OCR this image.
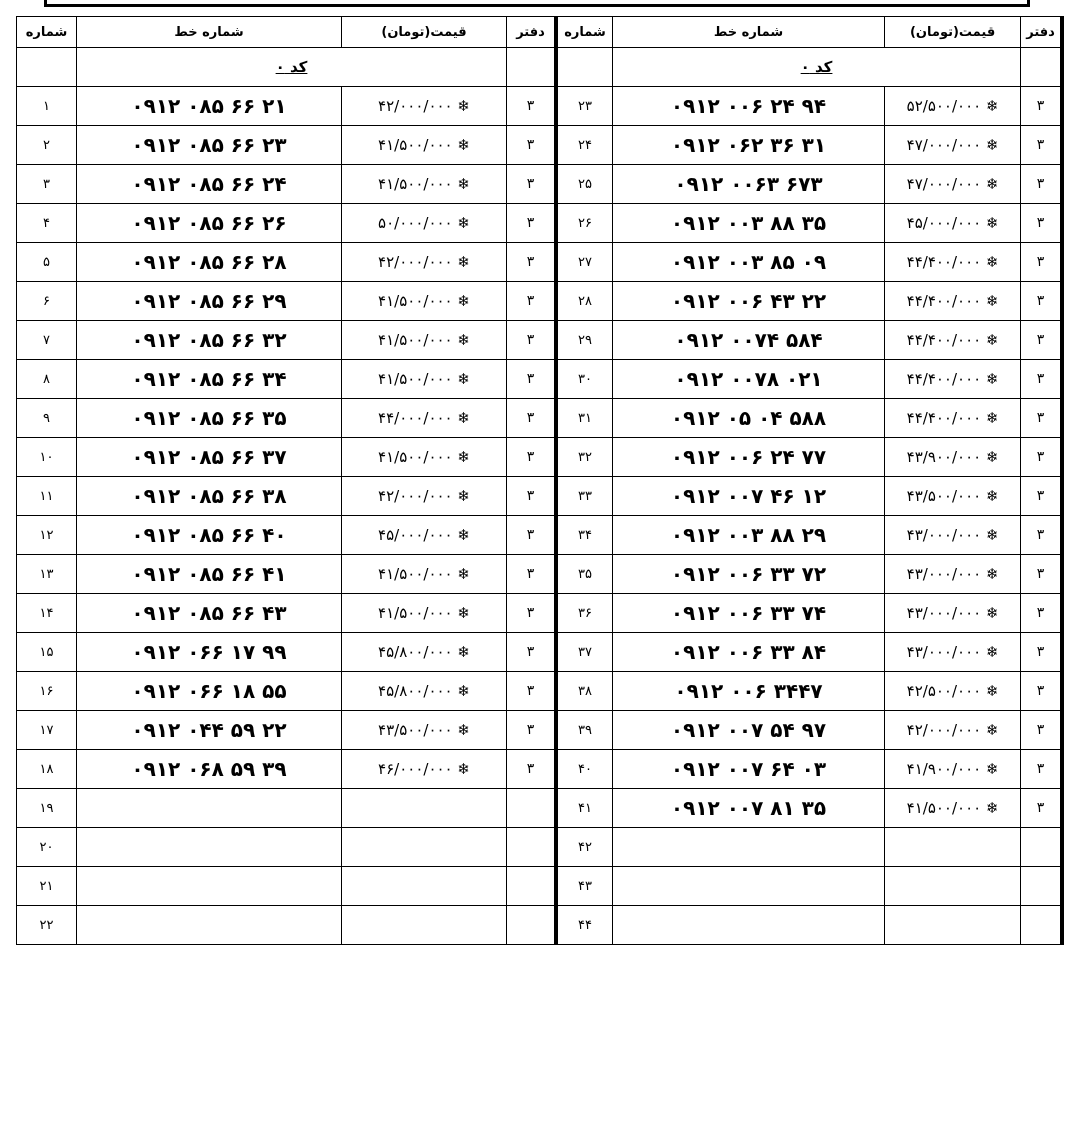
شماره	شماره خط	قیمت(تومان)	دفتر
	کد ۰		
۱	۰۹۱۲ ۰۸۵ ۶۶ ۲۱	۴۲/۰۰۰/۰۰۰ ❄	۳
۲	۰۹۱۲ ۰۸۵ ۶۶ ۲۳	۴۱/۵۰۰/۰۰۰ ❄	۳
۳	۰۹۱۲ ۰۸۵ ۶۶ ۲۴	۴۱/۵۰۰/۰۰۰ ❄	۳
۴	۰۹۱۲ ۰۸۵ ۶۶ ۲۶	۵۰/۰۰۰/۰۰۰ ❄	۳
۵	۰۹۱۲ ۰۸۵ ۶۶ ۲۸	۴۲/۰۰۰/۰۰۰ ❄	۳
۶	۰۹۱۲ ۰۸۵ ۶۶ ۲۹	۴۱/۵۰۰/۰۰۰ ❄	۳
۷	۰۹۱۲ ۰۸۵ ۶۶ ۳۲	۴۱/۵۰۰/۰۰۰ ❄	۳
۸	۰۹۱۲ ۰۸۵ ۶۶ ۳۴	۴۱/۵۰۰/۰۰۰ ❄	۳
۹	۰۹۱۲ ۰۸۵ ۶۶ ۳۵	۴۴/۰۰۰/۰۰۰ ❄	۳
۱۰	۰۹۱۲ ۰۸۵ ۶۶ ۳۷	۴۱/۵۰۰/۰۰۰ ❄	۳
۱۱	۰۹۱۲ ۰۸۵ ۶۶ ۳۸	۴۲/۰۰۰/۰۰۰ ❄	۳
۱۲	۰۹۱۲ ۰۸۵ ۶۶ ۴۰	۴۵/۰۰۰/۰۰۰ ❄	۳
۱۳	۰۹۱۲ ۰۸۵ ۶۶ ۴۱	۴۱/۵۰۰/۰۰۰ ❄	۳
۱۴	۰۹۱۲ ۰۸۵ ۶۶ ۴۳	۴۱/۵۰۰/۰۰۰ ❄	۳
۱۵	۰۹۱۲ ۰۶۶ ۱۷ ۹۹	۴۵/۸۰۰/۰۰۰ ❄	۳
۱۶	۰۹۱۲ ۰۶۶ ۱۸ ۵۵	۴۵/۸۰۰/۰۰۰ ❄	۳
۱۷	۰۹۱۲ ۰۴۴ ۵۹ ۲۲	۴۳/۵۰۰/۰۰۰ ❄	۳
۱۸	۰۹۱۲ ۰۶۸ ۵۹ ۳۹	۴۶/۰۰۰/۰۰۰ ❄	۳
۱۹			
۲۰			
۲۱			
۲۲			
شماره	شماره خط	قیمت(تومان)	دفتر
	کد ۰		
۲۳	۰۹۱۲ ۰۰۶ ۲۴ ۹۴	۵۲/۵۰۰/۰۰۰ ❄	۳
۲۴	۰۹۱۲ ۰۶۲ ۳۶ ۳۱	۴۷/۰۰۰/۰۰۰ ❄	۳
۲۵	۰۹۱۲ ۰۰۶۳ ۶۷۳	۴۷/۰۰۰/۰۰۰ ❄	۳
۲۶	۰۹۱۲ ۰۰۳ ۸۸ ۳۵	۴۵/۰۰۰/۰۰۰ ❄	۳
۲۷	۰۹۱۲ ۰۰۳ ۸۵ ۰۹	۴۴/۴۰۰/۰۰۰ ❄	۳
۲۸	۰۹۱۲ ۰۰۶ ۴۳ ۲۲	۴۴/۴۰۰/۰۰۰ ❄	۳
۲۹	۰۹۱۲ ۰۰۷۴ ۵۸۴	۴۴/۴۰۰/۰۰۰ ❄	۳
۳۰	۰۹۱۲ ۰۰۷۸ ۰۲۱	۴۴/۴۰۰/۰۰۰ ❄	۳
۳۱	۰۹۱۲ ۰۵ ۰۴ ۵۸۸	۴۴/۴۰۰/۰۰۰ ❄	۳
۳۲	۰۹۱۲ ۰۰۶ ۲۴ ۷۷	۴۳/۹۰۰/۰۰۰ ❄	۳
۳۳	۰۹۱۲ ۰۰۷ ۴۶ ۱۲	۴۳/۵۰۰/۰۰۰ ❄	۳
۳۴	۰۹۱۲ ۰۰۳ ۸۸ ۲۹	۴۳/۰۰۰/۰۰۰ ❄	۳
۳۵	۰۹۱۲ ۰۰۶ ۳۳ ۷۲	۴۳/۰۰۰/۰۰۰ ❄	۳
۳۶	۰۹۱۲ ۰۰۶ ۳۳ ۷۴	۴۳/۰۰۰/۰۰۰ ❄	۳
۳۷	۰۹۱۲ ۰۰۶ ۳۳ ۸۴	۴۳/۰۰۰/۰۰۰ ❄	۳
۳۸	۰۹۱۲ ۰۰۶ ۳۴۴۷	۴۲/۵۰۰/۰۰۰ ❄	۳
۳۹	۰۹۱۲ ۰۰۷ ۵۴ ۹۷	۴۲/۰۰۰/۰۰۰ ❄	۳
۴۰	۰۹۱۲ ۰۰۷ ۶۴ ۰۳	۴۱/۹۰۰/۰۰۰ ❄	۳
۴۱	۰۹۱۲ ۰۰۷ ۸۱ ۳۵	۴۱/۵۰۰/۰۰۰ ❄	۳
۴۲			
۴۳			
۴۴			
